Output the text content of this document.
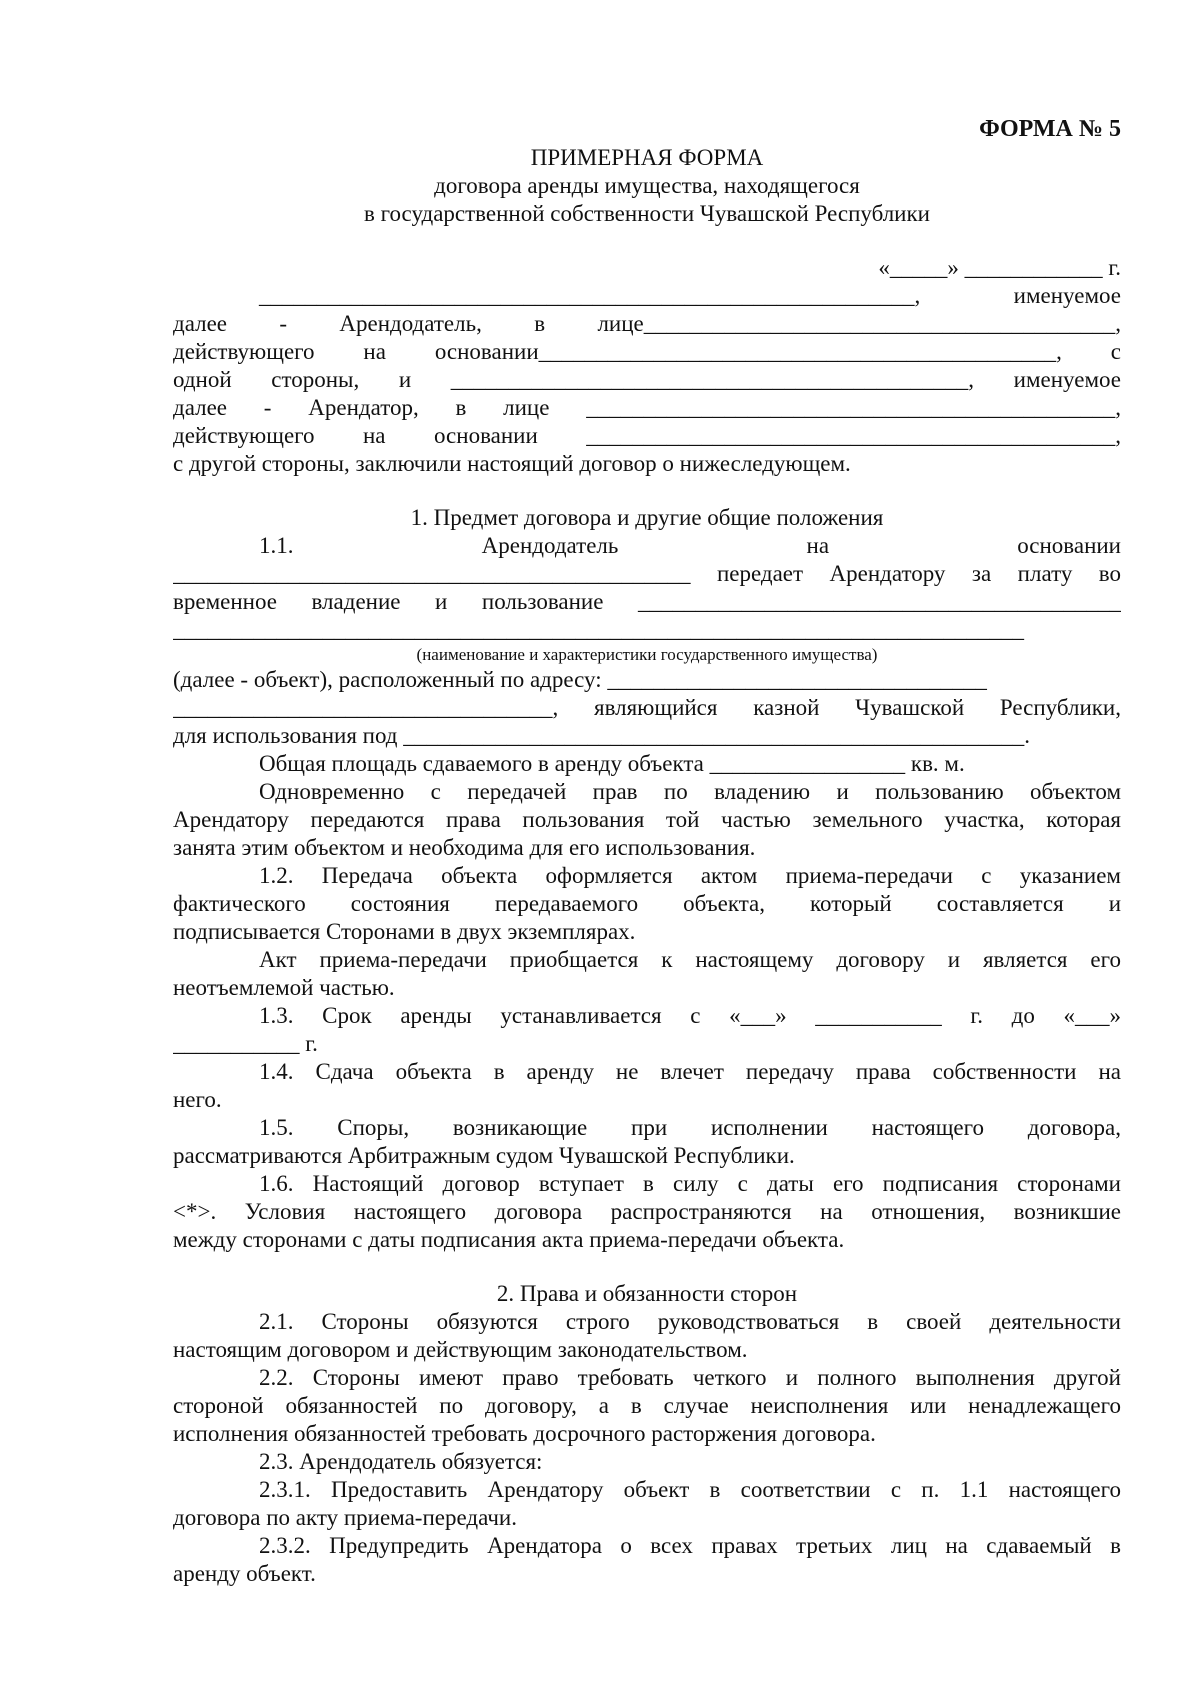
ФОРМА № 5
ПРИМЕРНАЯ ФОРМА
договора аренды имущества, находящегося
в государственной собственности Чувашской Республики
«_____» ____________ г.
_________________________________________________________, именуемое
далее - Арендодатель, в лице_________________________________________,
действующего на основании_____________________________________________, с
одной стороны, и _____________________________________________, именуемое
далее - Арендатор, в лице ______________________________________________,
действующего на основании ______________________________________________,
с другой стороны, заключили настоящий договор о нижеследующем.
1. Предмет договора и другие общие положения
1.1. Арендодатель на основании
_____________________________________________ передает Арендатору за плату во
временное владение и пользование __________________________________________
__________________________________________________________________________
(наименование и характеристики государственного имущества)
(далее - объект), расположенный по адресу: _________________________________
_________________________________, являющийся казной Чувашской Республики,
для использования под ______________________________________________________.
Общая площадь сдаваемого в аренду объекта _________________ кв. м.
Одновременно с передачей прав по владению и пользованию объектом
Арендатору передаются права пользования той частью земельного участка, которая
занята этим объектом и необходима для его использования.
1.2. Передача объекта оформляется актом приема-передачи с указанием
фактического состояния передаваемого объекта, который составляется и
подписывается Сторонами в двух экземплярах.
Акт приема-передачи приобщается к настоящему договору и является его
неотъемлемой частью.
1.3. Срок аренды устанавливается с «___» ___________ г. до «___»
___________ г.
1.4. Сдача объекта в аренду не влечет передачу права собственности на
него.
1.5. Споры, возникающие при исполнении настоящего договора,
рассматриваются Арбитражным судом Чувашской Республики.
1.6. Настоящий договор вступает в силу с даты его подписания сторонами
<*>. Условия настоящего договора распространяются на отношения, возникшие
между сторонами с даты подписания акта приема-передачи объекта.
2. Права и обязанности сторон
2.1. Стороны обязуются строго руководствоваться в своей деятельности
настоящим договором и действующим законодательством.
2.2. Стороны имеют право требовать четкого и полного выполнения другой
стороной обязанностей по договору, а в случае неисполнения или ненадлежащего
исполнения обязанностей требовать досрочного расторжения договора.
2.3. Арендодатель обязуется:
2.3.1. Предоставить Арендатору объект в соответствии с п. 1.1 настоящего
договора по акту приема-передачи.
2.3.2. Предупредить Арендатора о всех правах третьих лиц на сдаваемый в
аренду объект.
